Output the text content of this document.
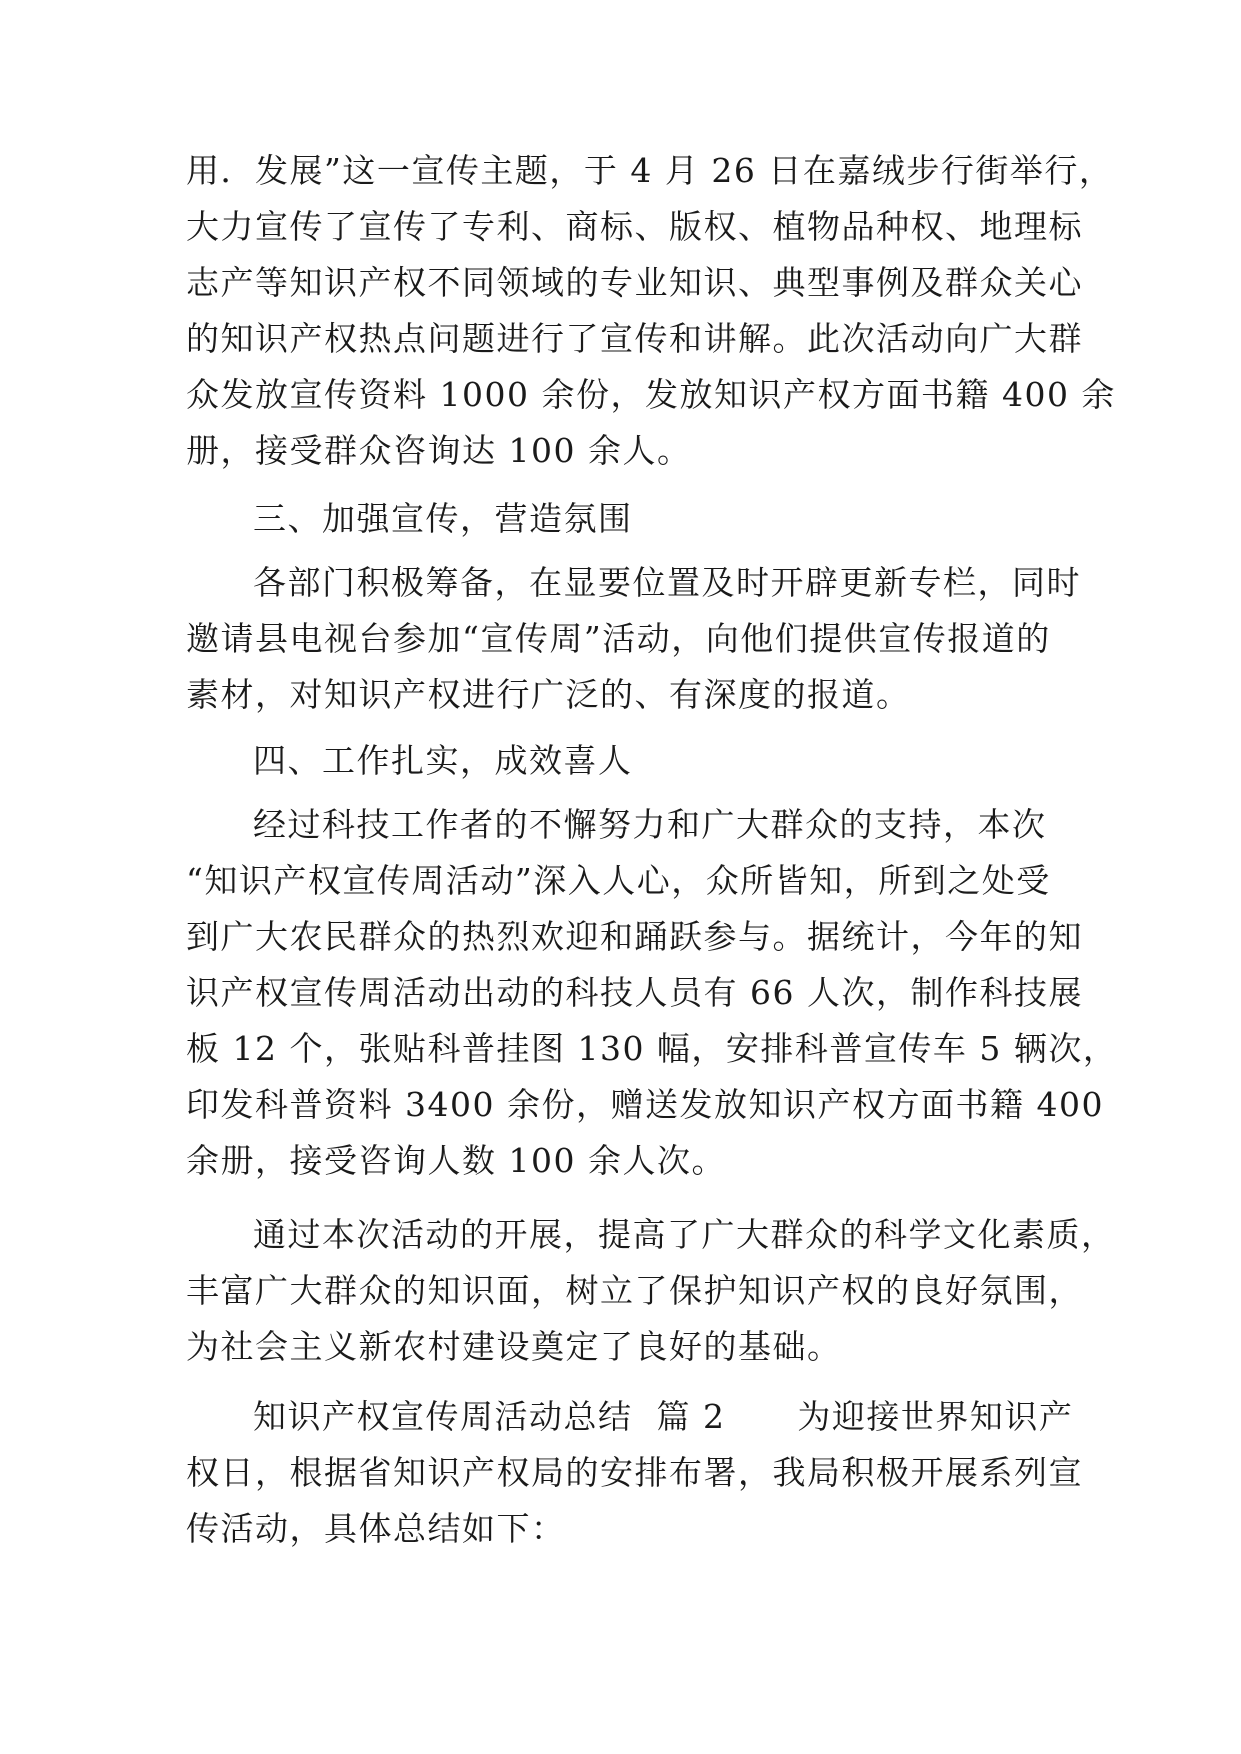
用．发展”这一宣传主题，于 4 月 26 日在嘉绒步行街举行，
大力宣传了宣传了专利、商标、版权、植物品种权、地理标
志产等知识产权不同领域的专业知识、典型事例及群众关心
的知识产权热点问题进行了宣传和讲解。此次活动向广大群
众发放宣传资料 1000 余份，发放知识产权方面书籍 400 余
册，接受群众咨询达 100 余人。
三、加强宣传，营造氛围
各部门积极筹备，在显要位置及时开辟更新专栏，同时
邀请县电视台参加“宣传周”活动，向他们提供宣传报道的
素材，对知识产权进行广泛的、有深度的报道。
四、工作扎实，成效喜人
经过科技工作者的不懈努力和广大群众的支持，本次
“知识产权宣传周活动”深入人心，众所皆知，所到之处受
到广大农民群众的热烈欢迎和踊跃参与。据统计，今年的知
识产权宣传周活动出动的科技人员有 66 人次，制作科技展
板 12 个，张贴科普挂图 130 幅，安排科普宣传车 5 辆次，
印发科普资料 3400 余份，赠送发放知识产权方面书籍 400
余册，接受咨询人数 100 余人次。
通过本次活动的开展，提高了广大群众的科学文化素质，
丰富广大群众的知识面，树立了保护知识产权的良好氛围，
为社会主义新农村建设奠定了良好的基础。
知识产权宣传周活动总结  篇 2      为迎接世界知识产
权日，根据省知识产权局的安排布署，我局积极开展系列宣
传活动，具体总结如下：
